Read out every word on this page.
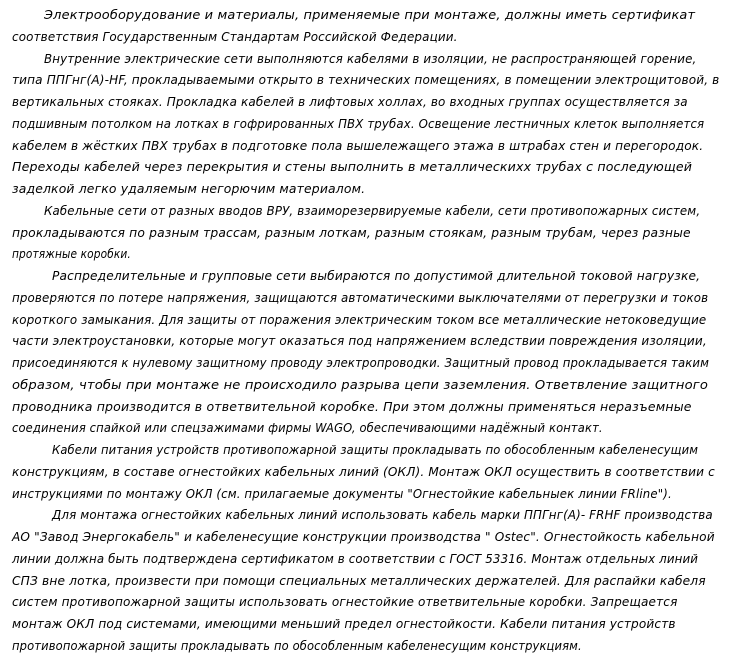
Электрооборудование и материалы, применяемые при монтаже, должны иметь сертификат
соответствия Государственным Стандартам Российской Федерации.
Внутренние электрические сети выполняются кабелями в изоляции, не распространяющей горение,
типа ППГнг(А)-HF, прокладываемыми открыто в технических помещениях, в помещении электрощитовой, в
вертикальных стояках. Прокладка кабелей в лифтовых холлах, во входных группах осуществляется за
подшивным потолком на лотках в гофрированных ПВХ трубах. Освещение лестничных клеток выполняется
кабелем в жёстких ПВХ трубах в подготовке пола вышележащего этажа в штрабах стен и перегородок.
Переходы кабелей через перекрытия и стены выполнить в металлическихх трубах с последующей
заделкой легко удаляемым негорючим материалом.
Кабельные сети от разных вводов ВРУ, взаиморезервируемые кабели, сети противопожарных систем,
прокладываются по разным трассам, разным лоткам, разным стоякам, разным трубам, через разные
протяжные коробки.
Распределительные и групповые сети выбираются по допустимой длительной токовой нагрузке,
проверяются по потере напряжения, защищаются автоматическими выключателями от перегрузки и токов
короткого замыкания. Для защиты от поражения электрическим током все металлические нетоковедущие
части электроустановки, которые могут оказаться под напряжением вследствии повреждения изоляции,
присоединяются к нулевому защитному проводу электропроводки. Защитный провод прокладывается таким
образом, чтобы при монтаже не происходило разрыва цепи заземления. Ответвление защитного
проводника производится в ответвительной коробке. При этом должны применяться неразъемные
соединения спайкой или спецзажимами фирмы WAGO, обеспечивающими надёжный контакт.
Кабели питания устройств противопожарной защиты прокладывать по обособленным кабеленесущим
конструкциям, в составе огнестойких кабельных линий (ОКЛ). Монтаж ОКЛ осуществить в соответствии с
инструкциями по монтажу ОКЛ (см. прилагаемые документы "Огнестойкие кабельныек линии FRline").
Для монтажа огнестойких кабельных линий использовать кабель марки ППГнг(А)- FRHF производства
АО "Завод Энергокабель" и кабеленесущие конструкции производства " Ostec". Огнестойкость кабельной
линии должна быть подтверждена сертификатом в соответствии с ГОСТ 53316. Монтаж отдельных линий
СПЗ вне лотка, произвести при помощи специальных металлических держателей. Для распайки кабеля
систем противопожарной защиты использовать огнестойкие ответвительные коробки. Запрещается
монтаж ОКЛ под системами, имеющими меньший предел огнестойкости. Кабели питания устройств
противопожарной защиты прокладывать по обособленным кабеленесущим конструкциям.
